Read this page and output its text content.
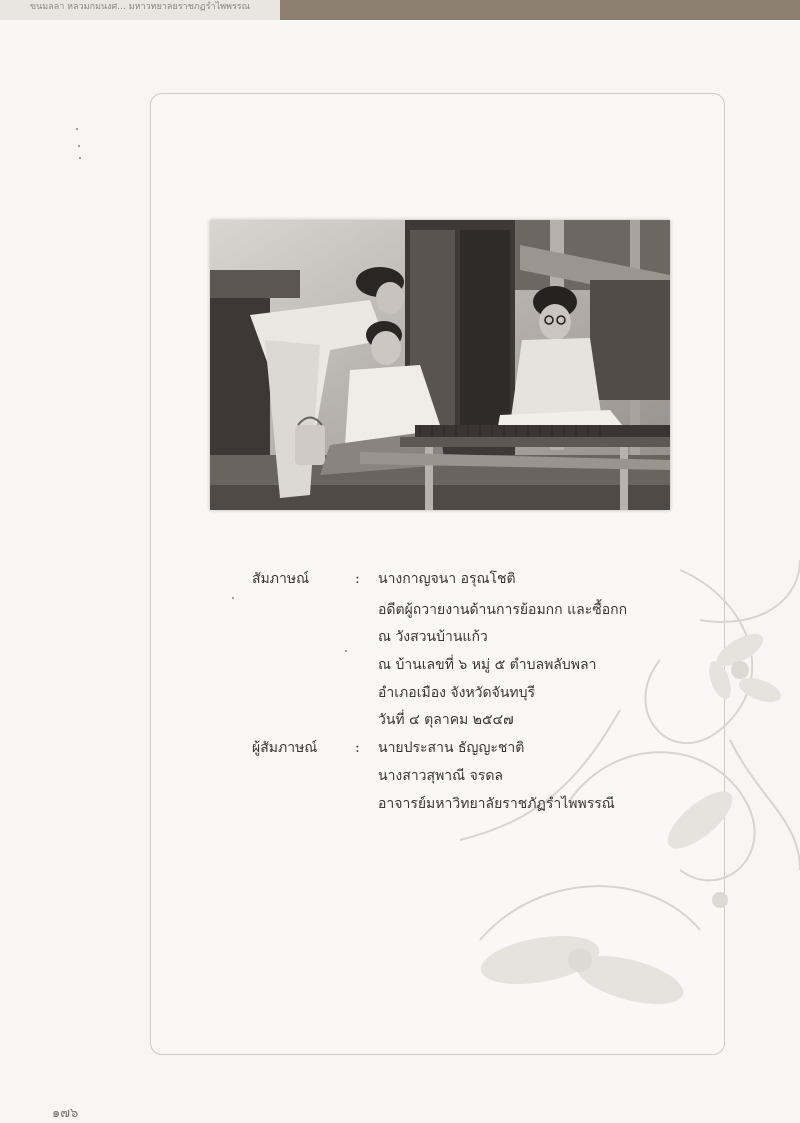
ขนมลลา หลวมกมนงศ... มหาวทยาลยราชภฏรำไพพรรณ
สัมภาษณ์	: นางกาญจนา อรุณโชติ
อดีตผู้ถวายงานด้านการย้อมกก และซื้อกก
ณ วังสวนบ้านแก้ว
ณ บ้านเลขที่ ๖ หมู่ ๕ ตำบลพลับพลา
อำเภอเมือง จังหวัดจันทบุรี
วันที่ ๔ ตุลาคม ๒๕๔๗
ผู้สัมภาษณ์	: นายประสาน ธัญญะชาติ
นางสาวสุพาณี จรดล
อาจารย์มหาวิทยาลัยราชภัฏรำไพพรรณี
๑๗๖
